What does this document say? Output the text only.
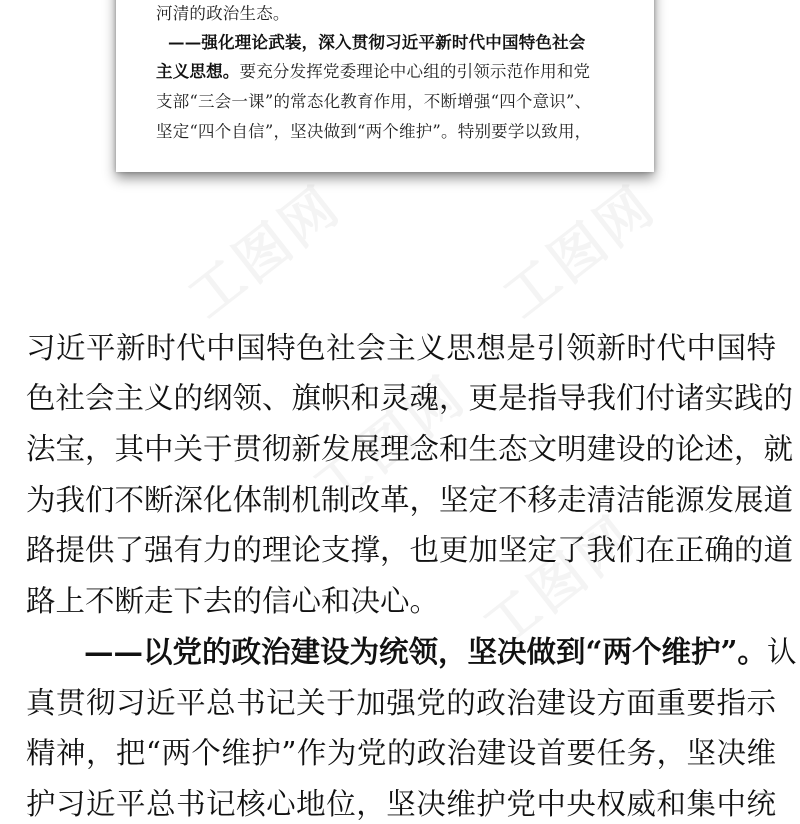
河清的政治生态。
——强化理论武装，深入贯彻习近平新时代中国特色社会
主义思想。要充分发挥党委理论中心组的引领示范作用和党
支部“三会一课”的常态化教育作用，不断增强“四个意识”、
坚定“四个自信”，坚决做到“两个维护”。特别要学以致用，
习近平新时代中国特色社会主义思想是引领新时代中国特
色社会主义的纲领、旗帜和灵魂，更是指导我们付诸实践的
法宝，其中关于贯彻新发展理念和生态文明建设的论述，就
为我们不断深化体制机制改革，坚定不移走清洁能源发展道
路提供了强有力的理论支撑，也更加坚定了我们在正确的道
路上不断走下去的信心和决心。
——以党的政治建设为统领，坚决做到“两个维护”。认
真贯彻习近平总书记关于加强党的政治建设方面重要指示
精神，把“两个维护”作为党的政治建设首要任务，坚决维
护习近平总书记核心地位，坚决维护党中央权威和集中统
